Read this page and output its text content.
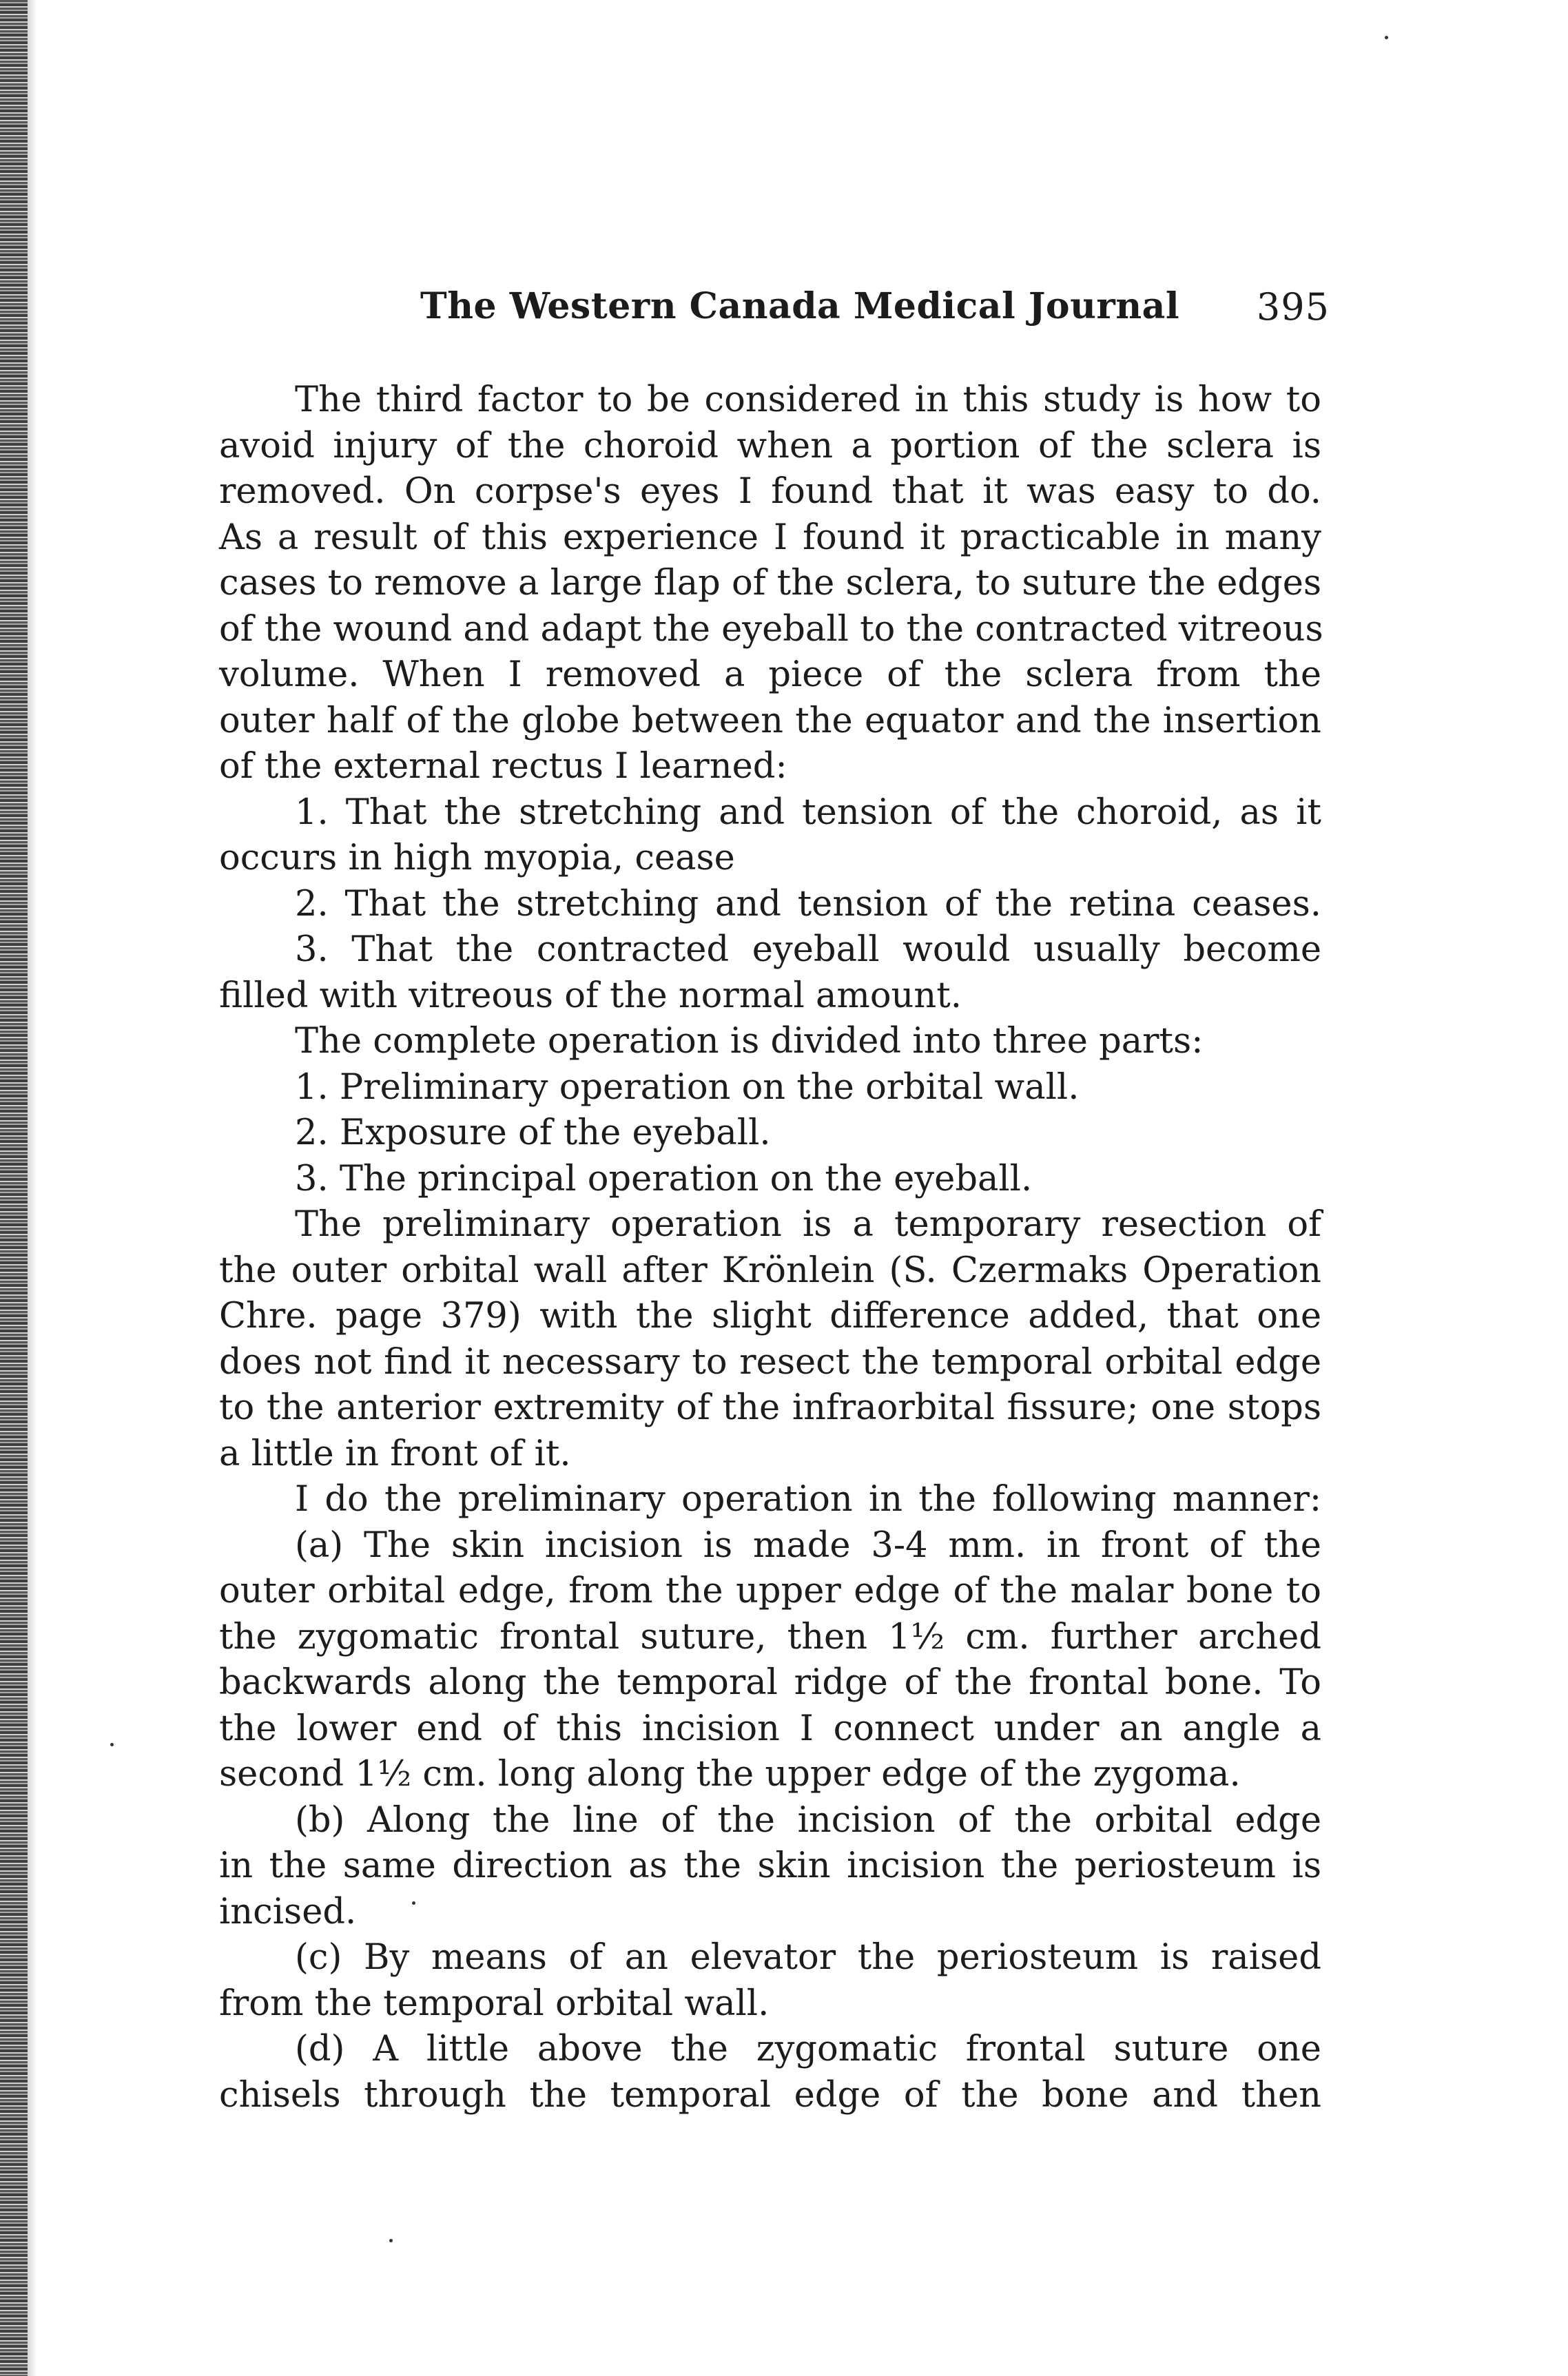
The Western Canada Medical Journal 395
The third factor to be considered in this study is how to
avoid injury of the choroid when a portion of the sclera is
removed. On corpse's eyes I found that it was easy to do.
As a result of this experience I found it practicable in many
cases to remove a large flap of the sclera, to suture the edges
of the wound and adapt the eyeball to the contracted vitreous
volume. When I removed a piece of the sclera from the
outer half of the globe between the equator and the insertion
of the external rectus I learned:
1. That the stretching and tension of the choroid, as it
occurs in high myopia, cease
2. That the stretching and tension of the retina ceases.
3. That the contracted eyeball would usually become
filled with vitreous of the normal amount.
The complete operation is divided into three parts:
1. Preliminary operation on the orbital wall.
2. Exposure of the eyeball.
3. The principal operation on the eyeball.
The preliminary operation is a temporary resection of
the outer orbital wall after Krönlein (S. Czermaks Operation
Chre. page 379) with the slight difference added, that one
does not find it necessary to resect the temporal orbital edge
to the anterior extremity of the infraorbital fissure; one stops
a little in front of it.
I do the preliminary operation in the following manner:
(a) The skin incision is made 3-4 mm. in front of the
outer orbital edge, from the upper edge of the malar bone to
the zygomatic frontal suture, then 1½ cm. further arched
backwards along the temporal ridge of the frontal bone. To
the lower end of this incision I connect under an angle a
second 1½ cm. long along the upper edge of the zygoma.
(b) Along the line of the incision of the orbital edge
in the same direction as the skin incision the periosteum is
incised.
(c) By means of an elevator the periosteum is raised
from the temporal orbital wall.
(d) A little above the zygomatic frontal suture one
chisels through the temporal edge of the bone and then
